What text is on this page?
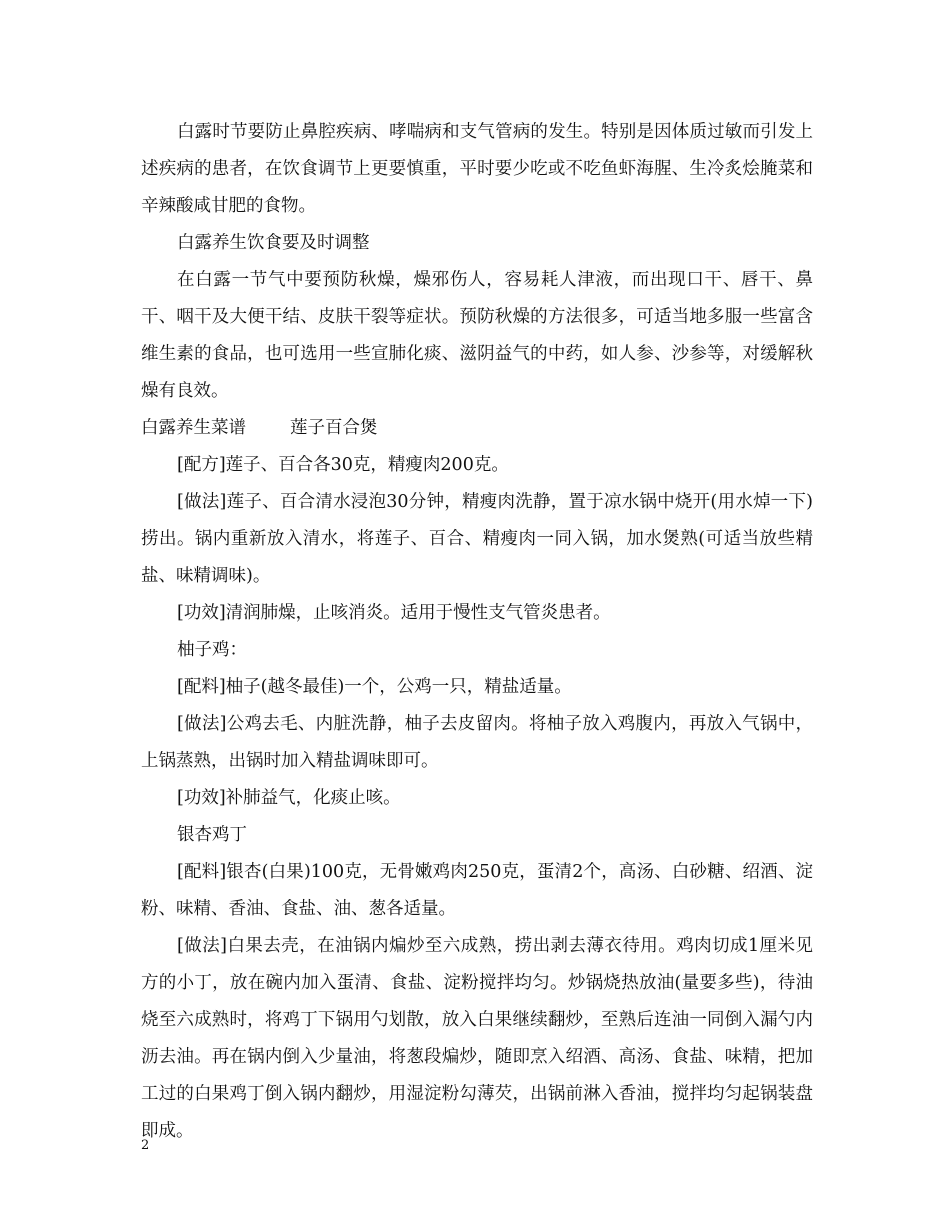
白露时节要防止鼻腔疾病、哮喘病和支气管病的发生。特别是因体质过敏而引发上述疾病的患者，在饮食调节上更要慎重，平时要少吃或不吃鱼虾海腥、生冷炙烩腌菜和辛辣酸咸甘肥的食物。

白露养生饮食要及时调整

在白露一节气中要预防秋燥，燥邪伤人，容易耗人津液，而出现口干、唇干、鼻干、咽干及大便干结、皮肤干裂等症状。预防秋燥的方法很多，可适当地多服一些富含维生素的食品，也可选用一些宣肺化痰、滋阴益气的中药，如人参、沙参等，对缓解秋燥有良效。

白露养生菜谱	莲子百合煲

[配方]莲子、百合各30克，精瘦肉200克。

[做法]莲子、百合清水浸泡30分钟，精瘦肉洗静，置于凉水锅中烧开(用水焯一下)捞出。锅内重新放入清水，将莲子、百合、精瘦肉一同入锅，加水煲熟(可适当放些精盐、味精调味)。

[功效]清润肺燥，止咳消炎。适用于慢性支气管炎患者。

柚子鸡：

[配料]柚子(越冬最佳)一个，公鸡一只，精盐适量。

[做法]公鸡去毛、内脏洗静，柚子去皮留肉。将柚子放入鸡腹内，再放入气锅中，上锅蒸熟，出锅时加入精盐调味即可。

[功效]补肺益气，化痰止咳。

银杏鸡丁

[配料]银杏(白果)100克，无骨嫩鸡肉250克，蛋清2个，高汤、白砂糖、绍酒、淀粉、味精、香油、食盐、油、葱各适量。

[做法]白果去壳，在油锅内煸炒至六成熟，捞出剥去薄衣待用。鸡肉切成1厘米见方的小丁，放在碗内加入蛋清、食盐、淀粉搅拌均匀。炒锅烧热放油(量要多些)，待油烧至六成熟时，将鸡丁下锅用勺划散，放入白果继续翻炒，至熟后连油一同倒入漏勺内沥去油。再在锅内倒入少量油，将葱段煸炒，随即烹入绍酒、高汤、食盐、味精，把加工过的白果鸡丁倒入锅内翻炒，用湿淀粉勾薄芡，出锅前淋入香油，搅拌均匀起锅装盘即成。

2
